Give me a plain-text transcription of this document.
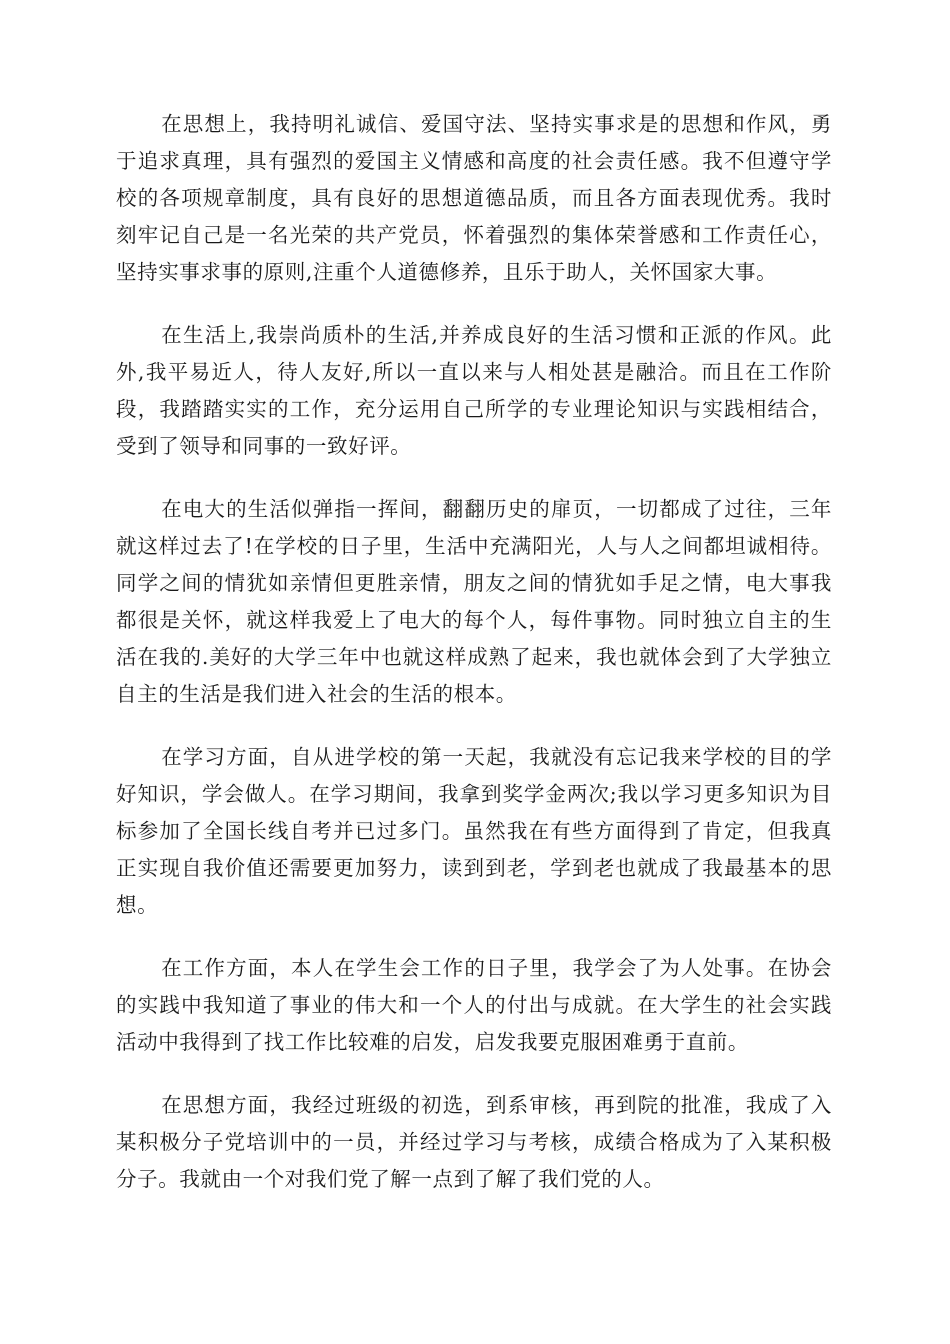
在思想上，我持明礼诚信、爱国守法、坚持实事求是的思想和作风，勇于追求真理，具有强烈的爱国主义情感和高度的社会责任感。我不但遵守学校的各项规章制度，具有良好的思想道德品质，而且各方面表现优秀。我时刻牢记自己是一名光荣的共产党员，怀着强烈的集体荣誉感和工作责任心，坚持实事求事的原则,注重个人道德修养，且乐于助人，关怀国家大事。

在生活上,我崇尚质朴的生活,并养成良好的生活习惯和正派的作风。此外,我平易近人，待人友好,所以一直以来与人相处甚是融洽。而且在工作阶段，我踏踏实实的工作，充分运用自己所学的专业理论知识与实践相结合，受到了领导和同事的一致好评。

在电大的生活似弹指一挥间，翻翻历史的扉页，一切都成了过往，三年就这样过去了!在学校的日子里，生活中充满阳光，人与人之间都坦诚相待。同学之间的情犹如亲情但更胜亲情，朋友之间的情犹如手足之情，电大事我都很是关怀，就这样我爱上了电大的每个人，每件事物。同时独立自主的生活在我的.美好的大学三年中也就这样成熟了起来，我也就体会到了大学独立自主的生活是我们进入社会的生活的根本。

在学习方面，自从进学校的第一天起，我就没有忘记我来学校的目的学好知识，学会做人。在学习期间，我拿到奖学金两次;我以学习更多知识为目标参加了全国长线自考并已过多门。虽然我在有些方面得到了肯定，但我真正实现自我价值还需要更加努力，读到到老，学到老也就成了我最基本的思想。

在工作方面，本人在学生会工作的日子里，我学会了为人处事。在协会的实践中我知道了事业的伟大和一个人的付出与成就。在大学生的社会实践活动中我得到了找工作比较难的启发，启发我要克服困难勇于直前。

在思想方面，我经过班级的初选，到系审核，再到院的批准，我成了入某积极分子党培训中的一员，并经过学习与考核，成绩合格成为了入某积极分子。我就由一个对我们党了解一点到了解了我们党的人。
